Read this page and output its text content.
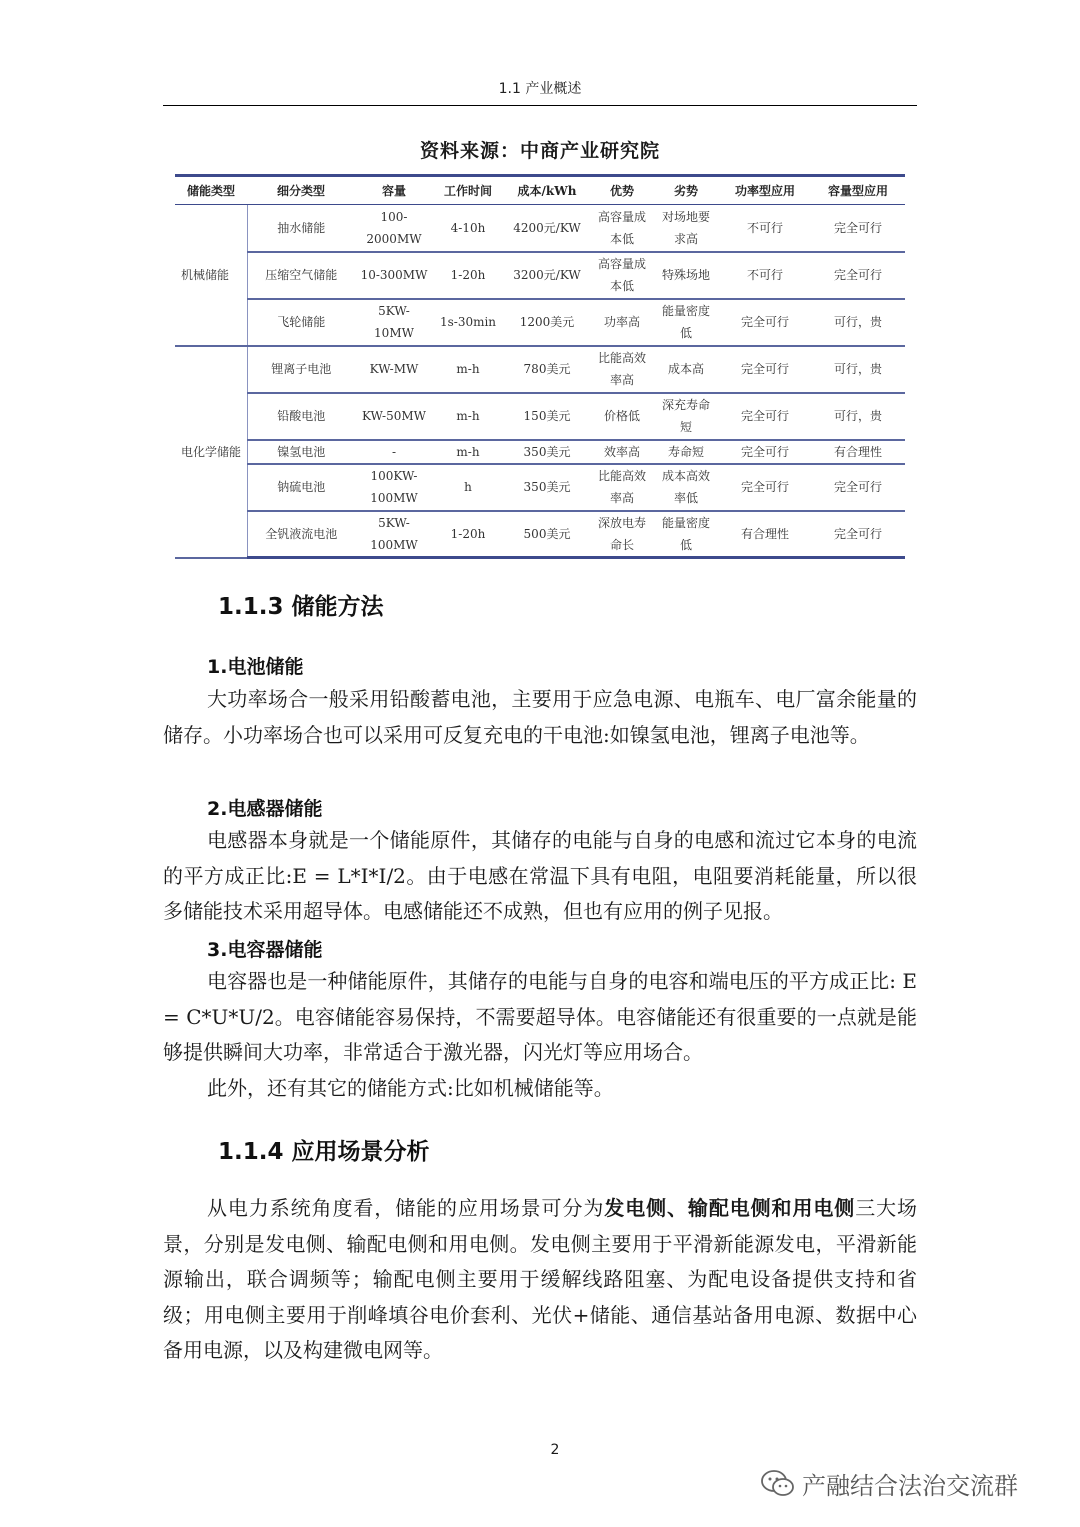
1.1 产业概述
资料来源：中商产业研究院
储能类型	细分类型	容量	工作时间	成本/kWh	优势	劣势	功率型应用	容量型应用
机械储能	抽水储能	100-2000MW	4-10h	4200元/KW	高容量成本低	对场地要求高	不可行	完全可行
	压缩空气储能	10-300MW	1-20h	3200元/KW	高容量成本低	特殊场地	不可行	完全可行
	飞轮储能	5KW-10MW	1s-30min	1200美元	功率高	能量密度低	完全可行	可行，贵
电化学储能	锂离子电池	KW-MW	m-h	780美元	比能高效率高	成本高	完全可行	可行，贵
	铅酸电池	KW-50MW	m-h	150美元	价格低	深充寿命短	完全可行	可行，贵
	镍氢电池	-	m-h	350美元	效率高	寿命短	完全可行	有合理性
	钠硫电池	100KW-100MW	h	350美元	比能高效率高	成本高效率低	完全可行	完全可行
	全钒液流电池	5KW-100MW	1-20h	500美元	深放电寿命长	能量密度低	有合理性	完全可行
1.1.3 储能方法
1.电池储能
大功率场合一般采用铅酸蓄电池，主要用于应急电源、电瓶车、电厂富余能量的储存。小功率场合也可以采用可反复充电的干电池:如镍氢电池，锂离子电池等。
2.电感器储能
电感器本身就是一个储能原件，其储存的电能与自身的电感和流过它本身的电流的平方成正比:E = L*I*I/2。由于电感在常温下具有电阻，电阻要消耗能量，所以很多储能技术采用超导体。电感储能还不成熟，但也有应用的例子见报。
3.电容器储能
电容器也是一种储能原件，其储存的电能与自身的电容和端电压的平方成正比: E = C*U*U/2。电容储能容易保持，不需要超导体。电容储能还有很重要的一点就是能够提供瞬间大功率，非常适合于激光器，闪光灯等应用场合。
此外，还有其它的储能方式:比如机械储能等。
1.1.4 应用场景分析
从电力系统角度看，储能的应用场景可分为发电侧、输配电侧和用电侧三大场景，分别是发电侧、输配电侧和用电侧。发电侧主要用于平滑新能源发电，平滑新能源输出，联合调频等；输配电侧主要用于缓解线路阻塞、为配电设备提供支持和省级；用电侧主要用于削峰填谷电价套利、光伏+储能、通信基站备用电源、数据中心备用电源，以及构建微电网等。
2
产融结合法治交流群
